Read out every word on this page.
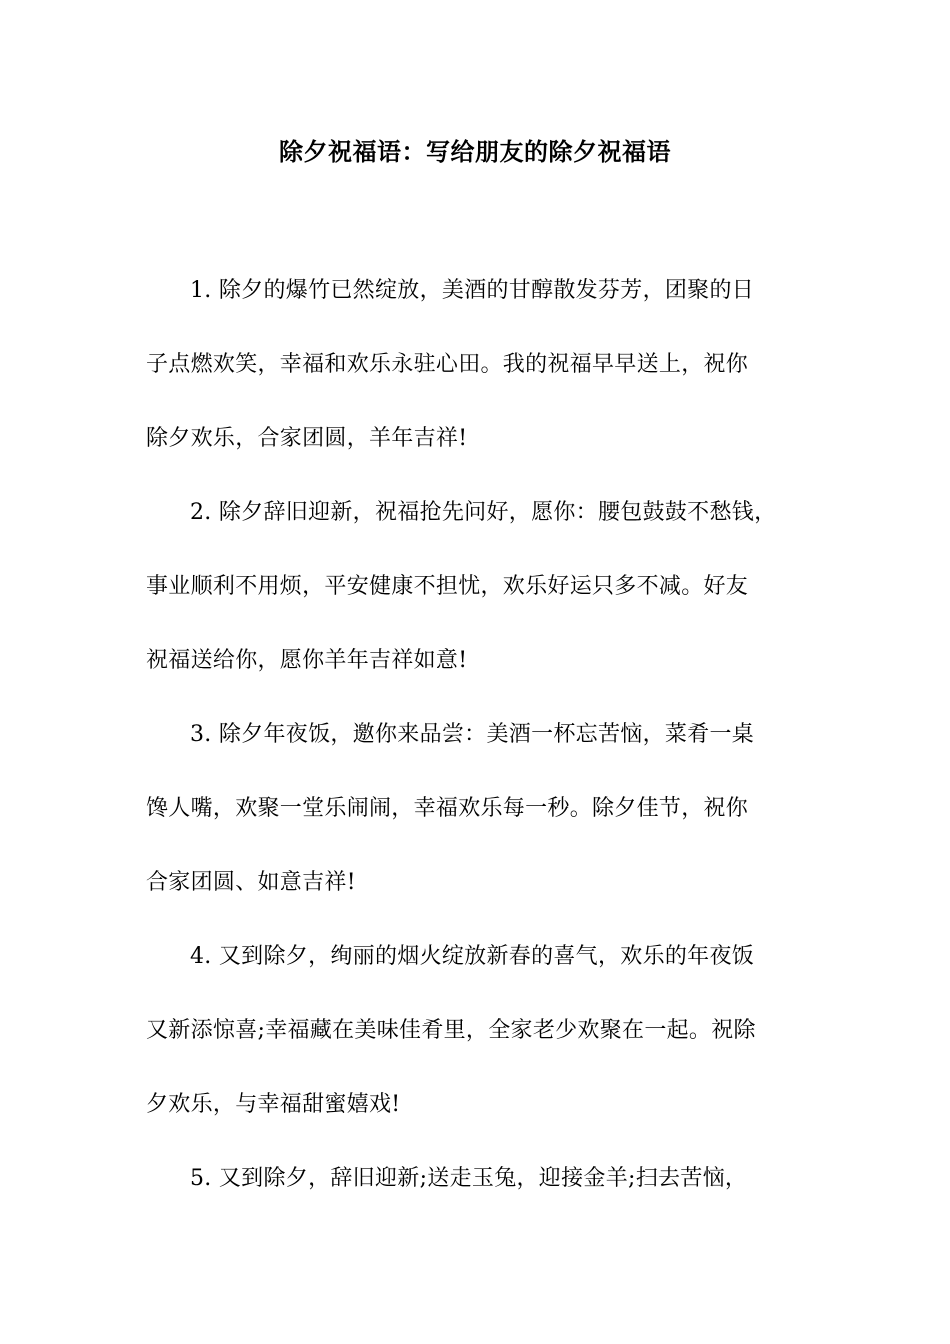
除夕祝福语：写给朋友的除夕祝福语
1. 除夕的爆竹已然绽放，美酒的甘醇散发芬芳，团聚的日
子点燃欢笑，幸福和欢乐永驻心田。我的祝福早早送上，祝你
除夕欢乐，合家团圆，羊年吉祥!
2. 除夕辞旧迎新，祝福抢先问好，愿你：腰包鼓鼓不愁钱，
事业顺利不用烦，平安健康不担忧，欢乐好运只多不减。好友
祝福送给你，愿你羊年吉祥如意!
3. 除夕年夜饭，邀你来品尝：美酒一杯忘苦恼，菜肴一桌
馋人嘴，欢聚一堂乐闹闹，幸福欢乐每一秒。除夕佳节，祝你
合家团圆、如意吉祥!
4. 又到除夕，绚丽的烟火绽放新春的喜气，欢乐的年夜饭
又新添惊喜;幸福藏在美味佳肴里，全家老少欢聚在一起。祝除
夕欢乐，与幸福甜蜜嬉戏!
5. 又到除夕，辞旧迎新;送走玉兔，迎接金羊;扫去苦恼，
